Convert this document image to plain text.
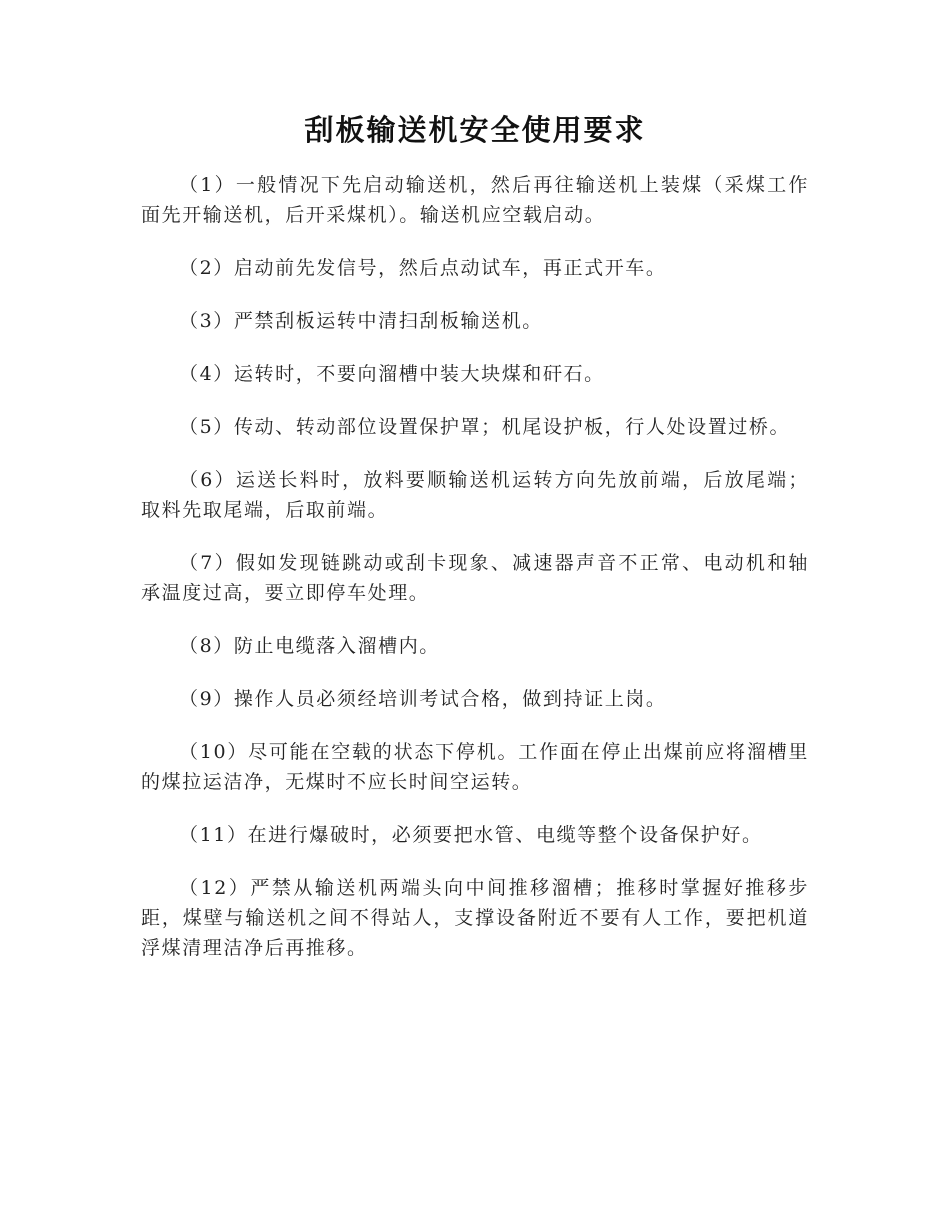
刮板输送机安全使用要求

（1）一般情况下先启动输送机，然后再往输送机上装煤（采煤工作面先开输送机，后开采煤机）。输送机应空载启动。

（2）启动前先发信号，然后点动试车，再正式开车。

（3）严禁刮板运转中清扫刮板输送机。

（4）运转时，不要向溜槽中装大块煤和矸石。

（5）传动、转动部位设置保护罩；机尾设护板，行人处设置过桥。

（6）运送长料时，放料要顺输送机运转方向先放前端，后放尾端；取料先取尾端，后取前端。

（7）假如发现链跳动或刮卡现象、减速器声音不正常、电动机和轴承温度过高，要立即停车处理。

（8）防止电缆落入溜槽内。

（9）操作人员必须经培训考试合格，做到持证上岗。

（10）尽可能在空载的状态下停机。工作面在停止出煤前应将溜槽里的煤拉运洁净，无煤时不应长时间空运转。

（11）在进行爆破时，必须要把水管、电缆等整个设备保护好。

（12）严禁从输送机两端头向中间推移溜槽；推移时掌握好推移步距，煤壁与输送机之间不得站人，支撑设备附近不要有人工作，要把机道浮煤清理洁净后再推移。
